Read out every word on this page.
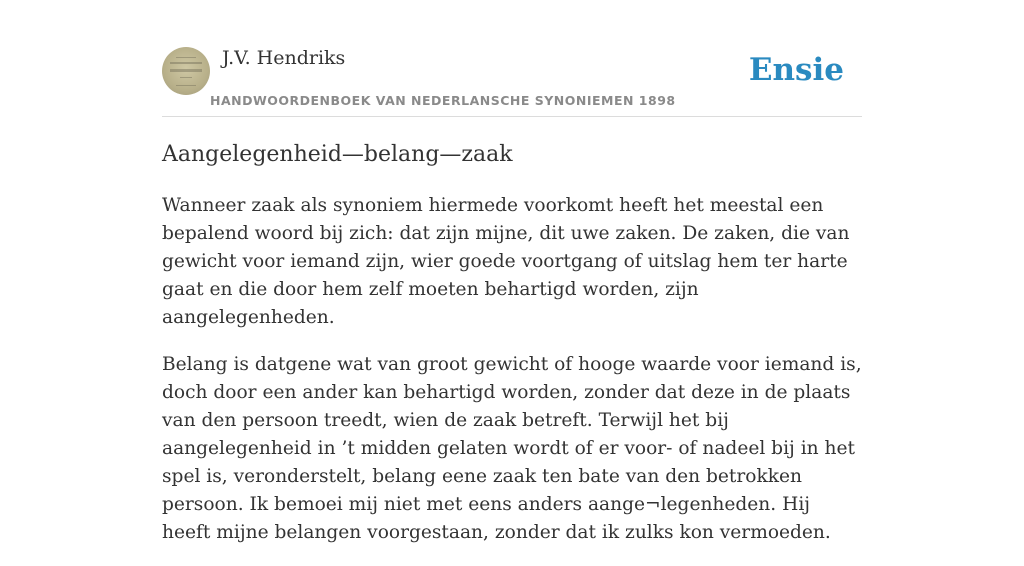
J.V. Hendriks
HANDWOORDENBOEK VAN NEDERLANSCHE SYNONIEMEN 1898
Ensie
Aangelegenheid—belang—zaak

Wanneer zaak als synoniem hiermede voorkomt heeft het meestal een bepalend woord bij zich: dat zijn mijne, dit uwe zaken. De zaken, die van gewicht voor iemand zijn, wier goede voortgang of uitslag hem ter harte gaat en die door hem zelf moeten behartigd worden, zijn aangelegenheden.

Belang is datgene wat van groot gewicht of hooge waarde voor iemand is, doch door een ander kan behartigd worden, zonder dat deze in de plaats van den persoon treedt, wien de zaak betreft. Terwijl het bij aangelegenheid in ’t midden gelaten wordt of er voor- of nadeel bij in het spel is, veronderstelt, belang eene zaak ten bate van den betrokken persoon. Ik bemoei mij niet met eens anders aange¬legenheden. Hij heeft mijne belangen voorgestaan, zonder dat ik zulks kon vermoeden.
